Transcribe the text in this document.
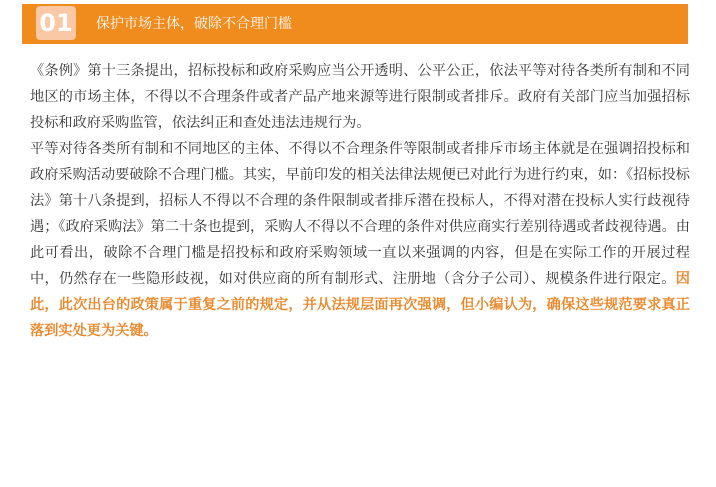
01 保护市场主体，破除不合理门槛

《条例》第十三条提出，招标投标和政府采购应当公开透明、公平公正，依法平等对待各类所有制和不同地区的市场主体，不得以不合理条件或者产品产地来源等进行限制或者排斥。政府有关部门应当加强招标投标和政府采购监管，依法纠正和查处违法违规行为。

平等对待各类所有制和不同地区的主体、不得以不合理条件等限制或者排斥市场主体就是在强调招投标和政府采购活动要破除不合理门槛。其实，早前印发的相关法律法规便已对此行为进行约束，如：《招标投标法》第十八条提到，招标人不得以不合理的条件限制或者排斥潜在投标人，不得对潜在投标人实行歧视待遇；《政府采购法》第二十条也提到，采购人不得以不合理的条件对供应商实行差别待遇或者歧视待遇。由此可看出，破除不合理门槛是招投标和政府采购领域一直以来强调的内容，但是在实际工作的开展过程中，仍然存在一些隐形歧视，如对供应商的所有制形式、注册地（含分子公司）、规模条件进行限定。因此，此次出台的政策属于重复之前的规定，并从法规层面再次强调，但小编认为，确保这些规范要求真正落到实处更为关键。
